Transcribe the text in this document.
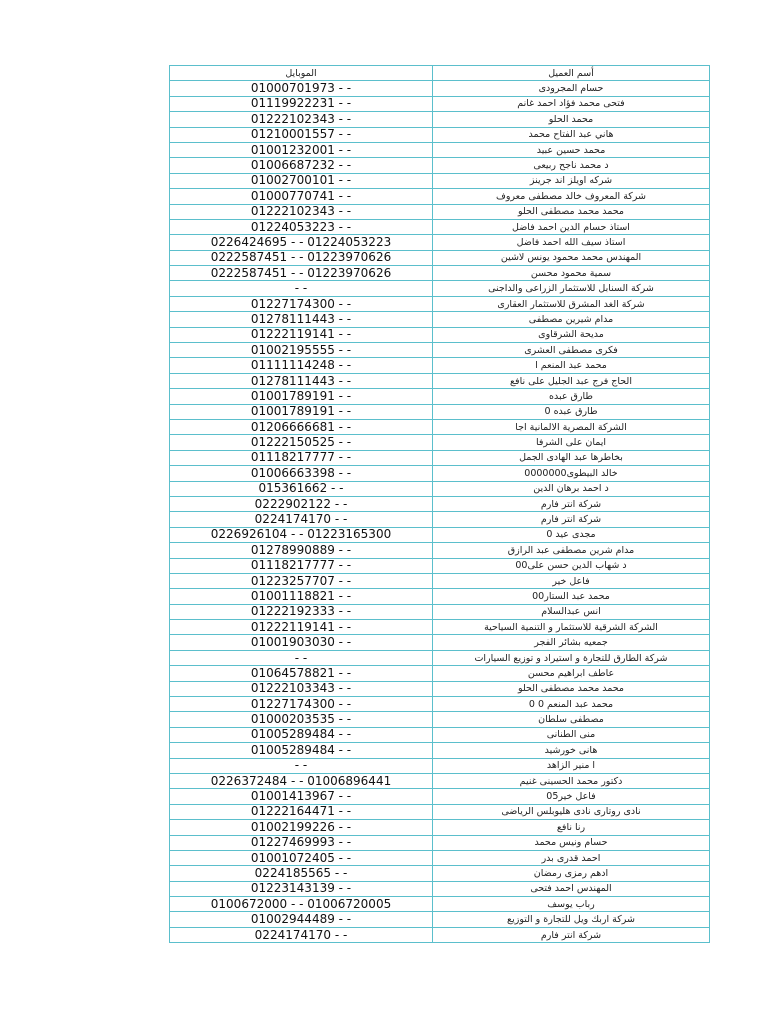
أسم العميل	الموبايل
حسام المجرودى	01000701973 - -
فتحى محمد فؤاد احمد غانم	01119922231 - -
محمد الحلو	01222102343 - -
هاني عبد الفتاح محمد	01210001557 - -
محمد حسين عبيد	01001232001 - -
د محمد ناجح ربيعى	01006687232 - -
شركه اويلز اند جرينز	01002700101 - -
شركة المعروف خالد مصطفى معروف	01000770741 - -
محمد محمد مصطفى الحلو	01222102343 - -
استاذ حسام الدين احمد فاضل	01224053223 - -
استاذ سيف الله احمد فاضل	0226424695 - - 01224053223
المهندس محمد محمود يونس لاشين	0222587451 - - 01223970626
سمية محمود محسن	0222587451 - - 01223970626
شركة السنابل للاستثمار الزراعى والداجنى	- -
شركة الغد المشرق للاستثمار العقارى	01227174300 - -
مدام شيرين مصطفى	01278111443 - -
مديحة الشرقاوى	01222119141 - -
فكرى مصطفى العشرى	01002195555 - -
محمد عبد المنعم ا	01111114248 - -
الحاج فرج عبد الجليل على نافع	01278111443 - -
طارق عبده	01001789191 - -
طارق عبده 0	01001789191 - -
الشركة المصرية الالمانية اجا	01206666681 - -
ايمان على الشرفا	01222150525 - -
بخاطرها عبد الهادى الجمل	01118217777 - -
خالد البيطوى0000000	01006663398 - -
د احمد برهان الدين	015361662 - -
شركة انتر فارم	0222902122 - -
شركة انتر فارم	0224174170 - -
مجدى عيد 0	0226926104 - - 01223165300
مدام شرين مصطفى عبد الرازق	01278990889 - -
د شهاب الدين حسن على00	01118217777 - -
فاعل خير	01223257707 - -
محمد عبد الستار00	01001118821 - -
انس عبدالسلام	01222192333 - -
الشركة الشرقية للاستثمار و التنمية السياحية	01222119141 - -
جمعيه بشائر الفجر	01001903030 - -
شركة الطارق للتجارة و استيراد و توزيع السيارات	- -
عاطف ابراهيم محسن	01064578821 - -
محمد محمد مصطفى الحلو	01222103343 - -
محمد عبد المنعم 0 0	01227174300 - -
مصطفى سلطان	01000203535 - -
منى الطنانى	01005289484 - -
هانى خورشيد	01005289484 - -
ا منير الزاهد	- -
دكتور محمد الحسينى غنيم	0226372484 - - 01006896441
فاعل خير05	01001413967 - -
نادى روتارى نادى هليوبلس الرياضى	01222164471 - -
رنا نافع	01002199226 - -
حسام ونيس محمد	01227469993 - -
احمد قدرى بدر	01001072405 - -
ادهم رمزى رمضان	0224185565 - -
المهندس احمد فتحى	01223143139 - -
رباب يوسف	0100672000 - - 01006720005
شركة اربك ويل للتجارة و التوزيع	01002944489 - -
شركة انتر فارم	0224174170 - -
